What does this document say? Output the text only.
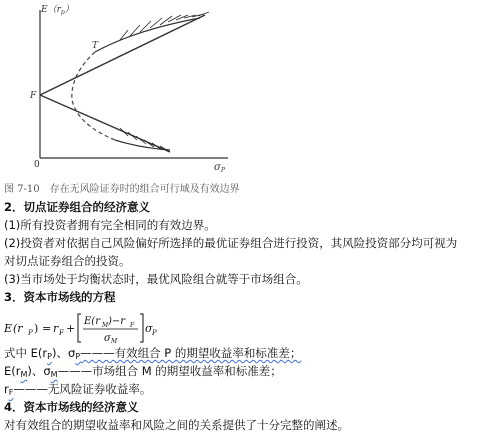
$E(r_p)$
T
F
0	$\sigma_P$
图 7-10　存在无风险证券时的组合可行域及有效边界
2．切点证券组合的经济意义
(1)所有投资者拥有完全相同的有效边界。
(2)投资者对依据自己风险偏好所选择的最优证券组合进行投资，其风险投资部分均可视为
对切点证券组合的投资。
(3)当市场处于均衡状态时，最优风险组合就等于市场组合。
3．资本市场线的方程
E (r P ) = r F +
E(r M )−r F
σ M
σ P
式中 $E(r_P)$、$\sigma_P———$有效组合 P 的期望收益率和标准差；
$E(r_M)$、$\sigma_M———$市场组合 M 的期望收益率和标准差；
$r_F———$无风险证券收益率。
4．资本市场线的经济意义
对有效组合的期望收益率和风险之间的关系提供了十分完整的阐述。
